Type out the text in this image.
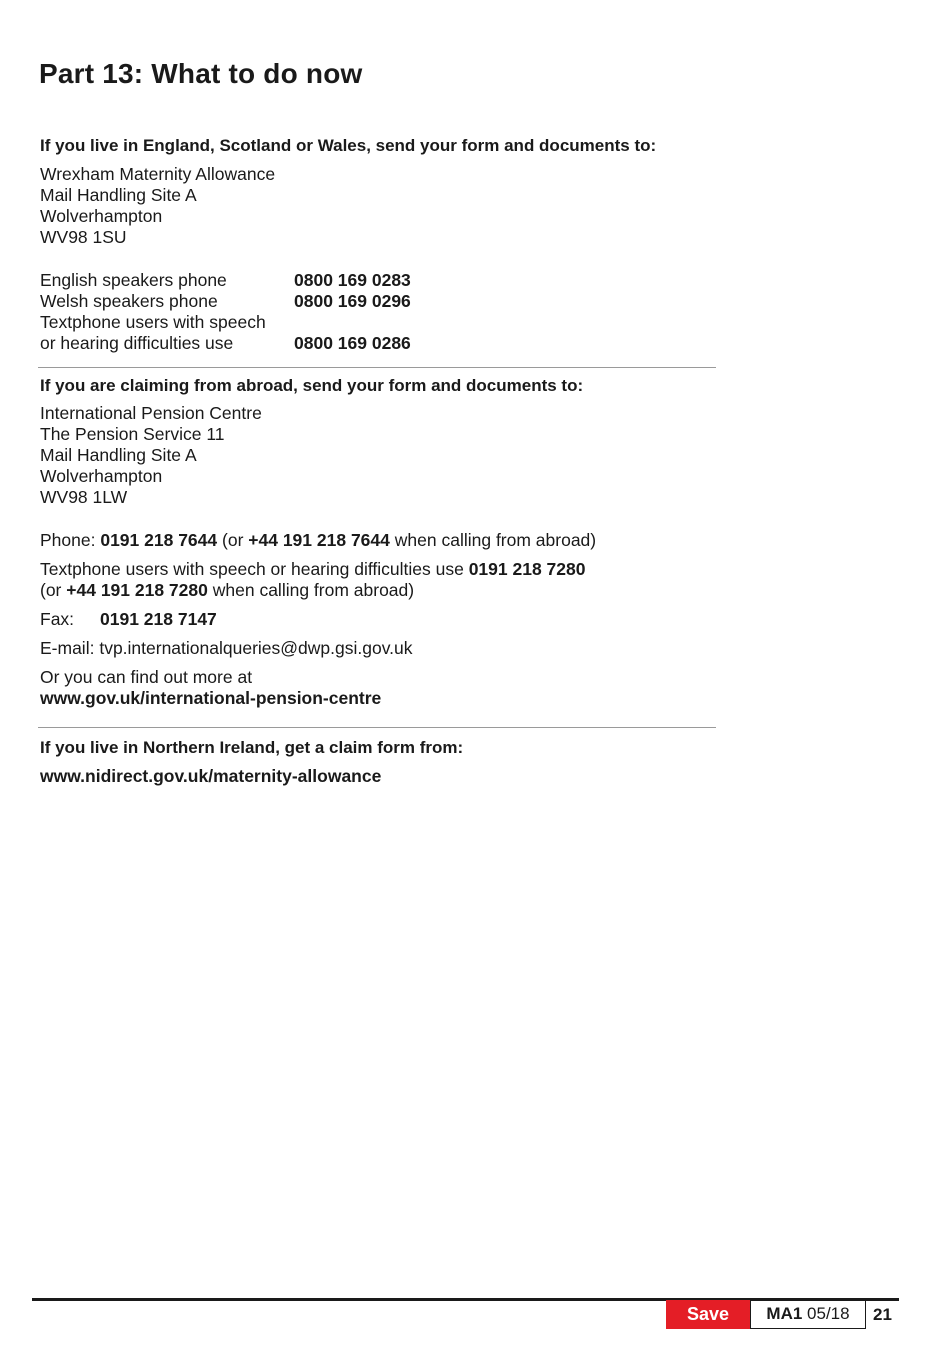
Part 13: What to do now

If you live in England, Scotland or Wales, send your form and documents to:

Wrexham Maternity Allowance
Mail Handling Site A
Wolverhampton
WV98 1SU
English speakers phone	0800 169 0283
Welsh speakers phone	0800 169 0296
Textphone users with speech
or hearing difficulties use	0800 169 0286

If you are claiming from abroad, send your form and documents to:

International Pension Centre
The Pension Service 11
Mail Handling Site A
Wolverhampton
WV98 1LW
Phone: 0191 218 7644 (or +44 191 218 7644 when calling from abroad)
Textphone users with speech or hearing difficulties use 0191 218 7280
(or +44 191 218 7280 when calling from abroad)
Fax: 0191 218 7147
E-mail: tvp.internationalqueries@dwp.gsi.gov.uk
Or you can find out more at
www.gov.uk/international-pension-centre

If you live in Northern Ireland, get a claim form from:

www.nidirect.gov.uk/maternity-allowance
Save	MA1
05/18	21
